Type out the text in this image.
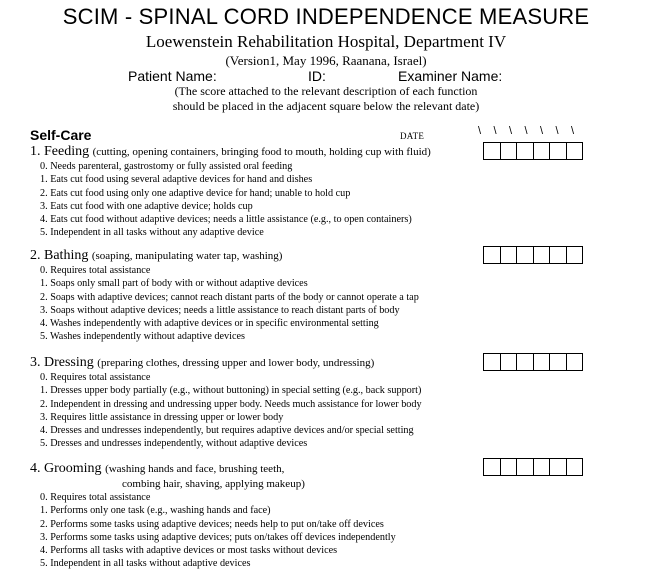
SCIM - SPINAL CORD INDEPENDENCE MEASURE
Loewenstein Rehabilitation Hospital, Department IV
(Version1, May 1996, Raanana, Israel)
Patient Name:	ID:	Examiner Name:
(The score attached to the relevant description of each function
should be placed in the adjacent square below the relevant date)
Self-Care	DATE	\ \ \ \ \ \ \
1. Feeding (cutting, opening containers, bringing food to mouth, holding cup with fluid)
0. Needs parenteral, gastrostomy or fully assisted oral feeding
1. Eats cut food using several adaptive devices for hand and dishes
2. Eats cut food using only one adaptive device for hand; unable to hold cup
3. Eats cut food with one adaptive device; holds cup
4. Eats cut food without adaptive devices; needs a little assistance (e.g., to open containers)
5. Independent in all tasks without any adaptive device
2. Bathing (soaping, manipulating water tap, washing)
0. Requires total assistance
1. Soaps only small part of body with or without adaptive devices
2. Soaps with adaptive devices; cannot reach distant parts of the body or cannot operate a tap
3. Soaps without adaptive devices; needs a little assistance to reach distant parts of body
4. Washes independently with adaptive devices or in specific environmental setting
5. Washes independently without adaptive devices
3. Dressing (preparing clothes, dressing upper and lower body, undressing)
0. Requires total assistance
1. Dresses upper body partially (e.g., without buttoning) in special setting (e.g., back support)
2. Independent in dressing and undressing upper body. Needs much assistance for lower body
3. Requires little assistance in dressing upper or lower body
4. Dresses and undresses independently, but requires adaptive devices and/or special setting
5. Dresses and undresses independently, without adaptive devices
4. Grooming (washing hands and face, brushing teeth,
combing hair, shaving, applying makeup)
0. Requires total assistance
1. Performs only one task (e.g., washing hands and face)
2. Performs some tasks using adaptive devices; needs help to put on/take off devices
3. Performs some tasks using adaptive devices; puts on/takes off devices independently
4. Performs all tasks with adaptive devices or most tasks without devices
5. Independent in all tasks without adaptive devices
